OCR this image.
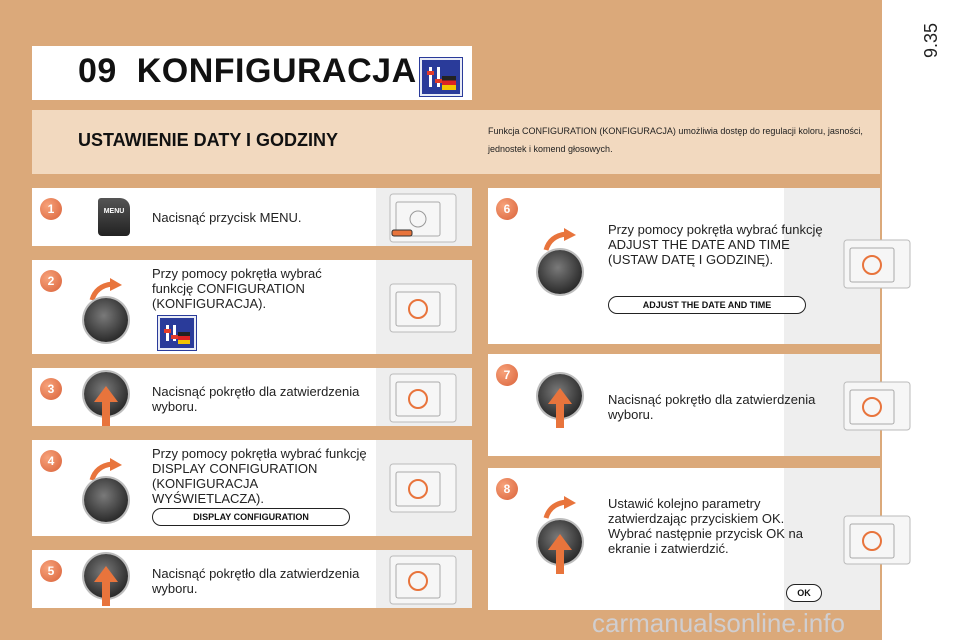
9.35
09 KONFIGURACJA
USTAWIENIE DATY I GODZINY	Funkcja CONFIGURATION (KONFIGURACJA) umożliwia dostęp do regulacji koloru, jasności, jednostek i komend głosowych.
1	MENU	Nacisnąć przycisk MENU.
2	Przy pomocy pokrętła wybrać funkcję CONFIGURATION (KONFIGURACJA).
3	Nacisnąć pokrętło dla zatwierdzenia wyboru.
4	Przy pomocy pokrętła wybrać funkcję DISPLAY CONFIGURATION (KONFIGURACJA WYŚWIETLACZA).
DISPLAY CONFIGURATION
5	Nacisnąć pokrętło dla zatwierdzenia wyboru.
6
Przy pomocy pokrętła wybrać funkcję ADJUST THE DATE AND TIME (USTAW DATĘ I GODZINĘ).
ADJUST THE DATE AND TIME
7
Nacisnąć pokrętło dla zatwierdzenia wyboru.
8
Ustawić kolejno parametry zatwierdzając przyciskiem OK. Wybrać następnie przycisk OK na ekranie i zatwierdzić.
OK
carmanualsonline.info
